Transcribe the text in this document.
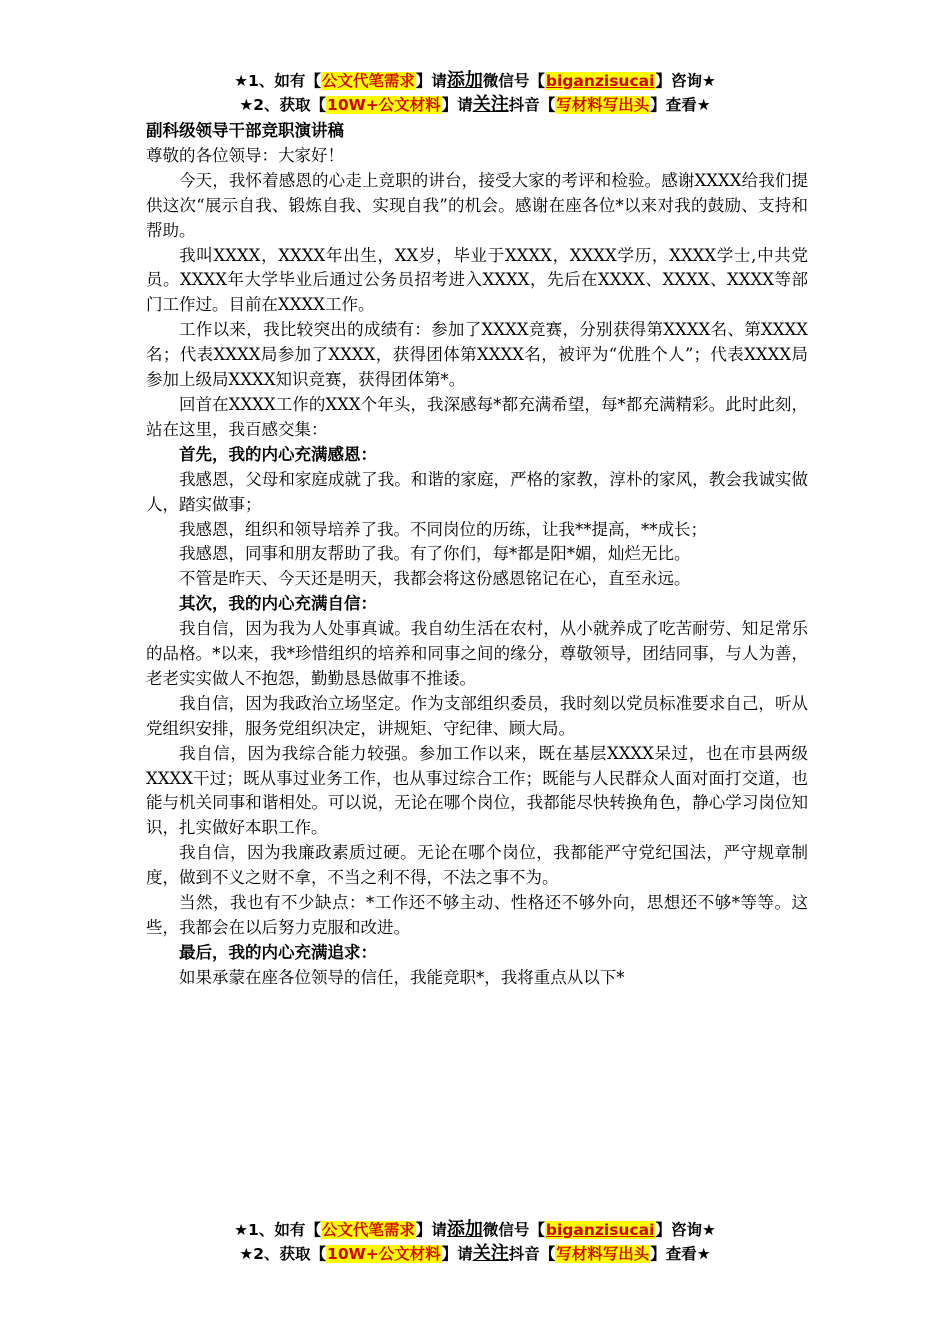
★1、如有【公文代笔需求】请添加微信号【biganzisucai】咨询★
★2、获取【10W+公文材料】请关注抖音【写材料写出头】查看★

副科级领导干部竞职演讲稿

尊敬的各位领导：大家好！

今天，我怀着感恩的心走上竞职的讲台，接受大家的考评和检验。感谢XXXX给我们提供这次“展示自我、锻炼自我、实现自我”的机会。感谢在座各位*以来对我的鼓励、支持和帮助。

我叫XXXX，XXXX年出生，XX岁，毕业于XXXX，XXXX学历，XXXX学士,中共党员。XXXX年大学毕业后通过公务员招考进入XXXX，先后在XXXX、XXXX、XXXX等部门工作过。目前在XXXX工作。

工作以来，我比较突出的成绩有：参加了XXXX竞赛，分别获得第XXXX名、第XXXX名；代表XXXX局参加了XXXX，获得团体第XXXX名，被评为“优胜个人”；代表XXXX局参加上级局XXXX知识竞赛，获得团体第*。

回首在XXXX工作的XXX个年头，我深感每*都充满希望，每*都充满精彩。此时此刻，站在这里，我百感交集：

首先，我的内心充满感恩：

我感恩，父母和家庭成就了我。和谐的家庭，严格的家教，淳朴的家风，教会我诚实做人，踏实做事；

我感恩，组织和领导培养了我。不同岗位的历练，让我**提高，**成长；

我感恩，同事和朋友帮助了我。有了你们，每*都是阳*媚，灿烂无比。

不管是昨天、今天还是明天，我都会将这份感恩铭记在心，直至永远。

其次，我的内心充满自信：

我自信，因为我为人处事真诚。我自幼生活在农村，从小就养成了吃苦耐劳、知足常乐的品格。*以来，我*珍惜组织的培养和同事之间的缘分，尊敬领导，团结同事，与人为善，老老实实做人不抱怨，勤勤恳恳做事不推诿。

我自信，因为我政治立场坚定。作为支部组织委员，我时刻以党员标准要求自己，听从党组织安排，服务党组织决定，讲规矩、守纪律、顾大局。

我自信，因为我综合能力较强。参加工作以来，既在基层XXXX呆过，也在市县两级XXXX干过；既从事过业务工作，也从事过综合工作；既能与人民群众人面对面打交道，也能与机关同事和谐相处。可以说，无论在哪个岗位，我都能尽快转换角色，静心学习岗位知识，扎实做好本职工作。

我自信，因为我廉政素质过硬。无论在哪个岗位，我都能严守党纪国法，严守规章制度，做到不义之财不拿，不当之利不得，不法之事不为。

当然，我也有不少缺点：*工作还不够主动、性格还不够外向，思想还不够*等等。这些，我都会在以后努力克服和改进。

最后，我的内心充满追求：

如果承蒙在座各位领导的信任，我能竞职*，我将重点从以下*

★1、如有【公文代笔需求】请添加微信号【biganzisucai】咨询★
★2、获取【10W+公文材料】请关注抖音【写材料写出头】查看★
